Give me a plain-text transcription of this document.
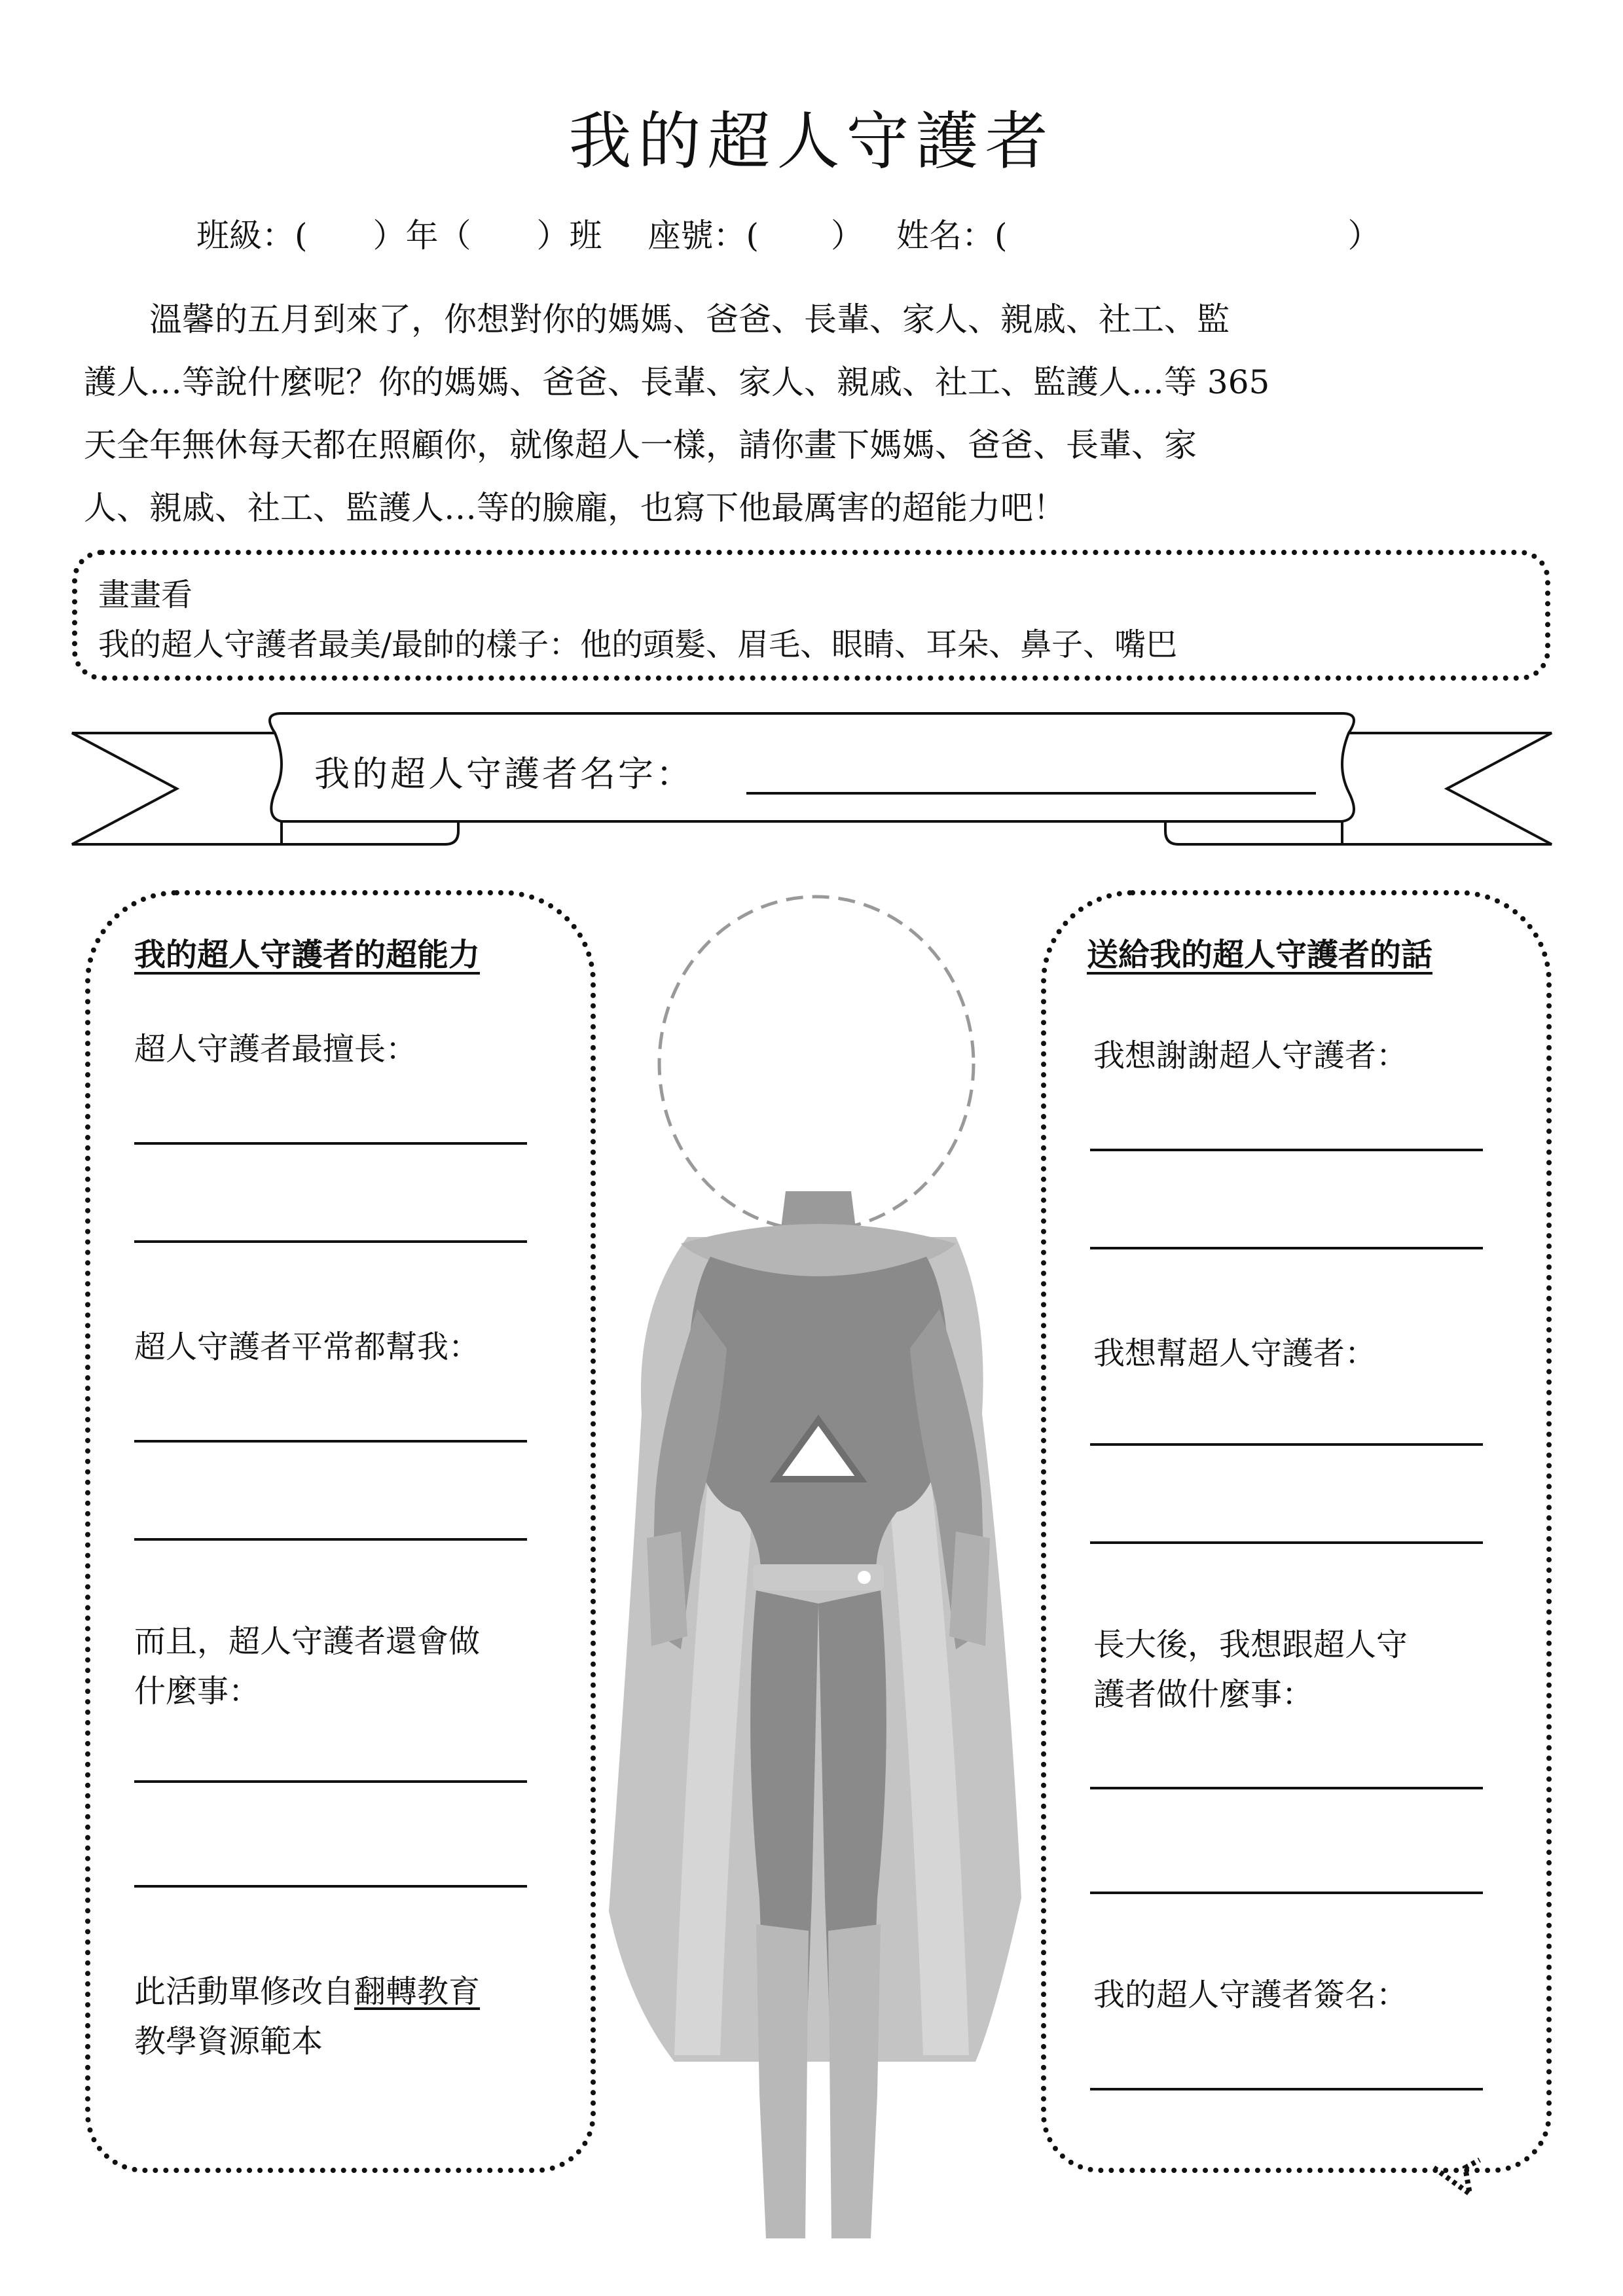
我的超人守護者
班級：( ）年（ ）班 座號：( ） 姓名：(	）
溫馨的五月到來了，你想對你的媽媽、爸爸、長輩、家人、親戚、社工、監
護人…等說什麼呢？你的媽媽、爸爸、長輩、家人、親戚、社工、監護人…等 365
天全年無休每天都在照顧你，就像超人一樣，請你畫下媽媽、爸爸、長輩、家
人、親戚、社工、監護人…等的臉龐，也寫下他最厲害的超能力吧！
畫畫看
我的超人守護者最美/最帥的樣子：他的頭髮、眉毛、眼睛、耳朵、鼻子、嘴巴
我的超人守護者名字：
我的超人守護者的超能力
超人守護者最擅長：
超人守護者平常都幫我：
而且，超人守護者還會做
什麼事：
此活動單修改自翻轉教育
教學資源範本
送給我的超人守護者的話
我想謝謝超人守護者：
我想幫超人守護者：
長大後，我想跟超人守
護者做什麼事：
我的超人守護者簽名：
